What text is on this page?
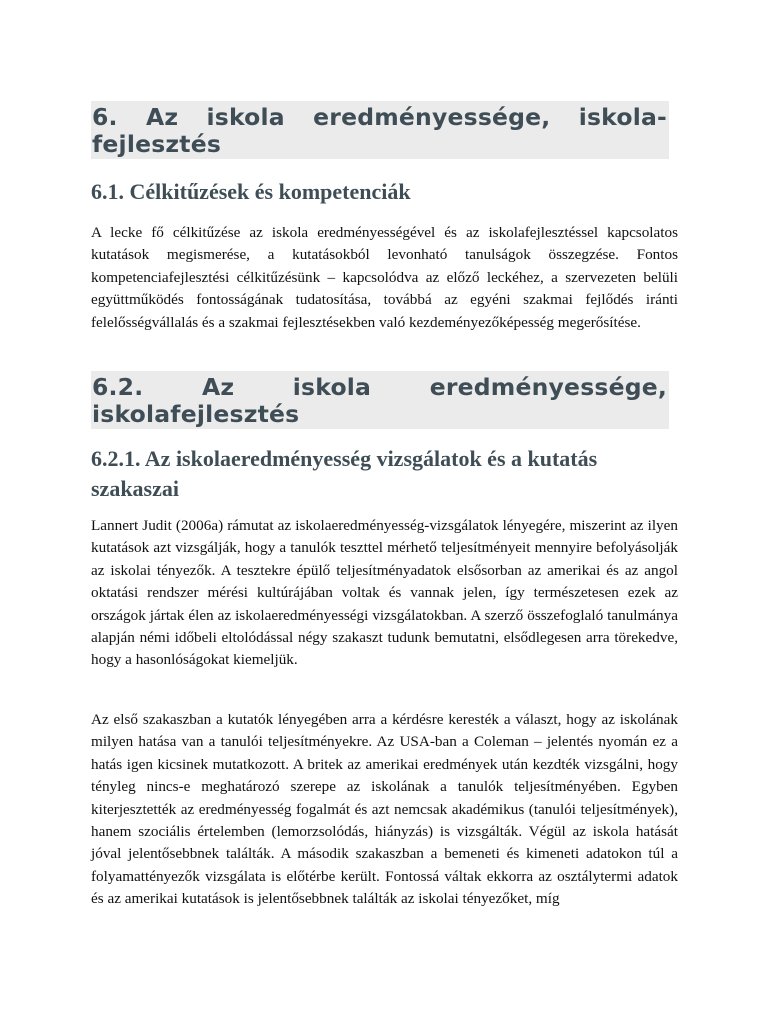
6. Az iskola eredményessége, iskola-fejlesztés
6.1. Célkitűzések és kompetenciák

A lecke fő célkitűzése az iskola eredményességével és az iskolafejlesztéssel kapcsolatos kutatások megismerése, a kutatásokból levonható tanulságok összegzése. Fontos kompetenciafejlesztési célkitűzésünk – kapcsolódva az előző leckéhez, a szervezeten belüli együttműködés fontosságának tudatosítása, továbbá az egyéni szakmai fejlődés iránti felelősségvállalás és a szakmai fejlesztésekben való kezdeményezőképesség megerősítése.

6.2. Az iskola eredményessége, iskolafejlesztés
6.2.1. Az iskolaeredményesség vizsgálatok és a kutatás szakaszai

Lannert Judit (2006a) rámutat az iskolaeredményesség-vizsgálatok lényegére, miszerint az ilyen kutatások azt vizsgálják, hogy a tanulók teszttel mérhető teljesítményeit mennyire befolyásolják az iskolai tényezők. A tesztekre épülő teljesítményadatok elsősorban az amerikai és az angol oktatási rendszer mérési kultúrájában voltak és vannak jelen, így természetesen ezek az országok jártak élen az iskolaeredményességi vizsgálatokban. A szerző összefoglaló tanulmánya alapján némi időbeli eltolódással négy szakaszt tudunk bemutatni, elsődlegesen arra törekedve, hogy a hasonlóságokat kiemeljük.

Az első szakaszban a kutatók lényegében arra a kérdésre keresték a választ, hogy az iskolának milyen hatása van a tanulói teljesítményekre. Az USA-ban a Coleman – jelentés nyomán ez a hatás igen kicsinek mutatkozott. A britek az amerikai eredmények után kezdték vizsgálni, hogy tényleg nincs-e meghatározó szerepe az iskolának a tanulók teljesítményében. Egyben kiterjesztették az eredményesség fogalmát és azt nemcsak akadémikus (tanulói teljesítmények), hanem szociális értelemben (lemorzsolódás, hiányzás) is vizsgálták. Végül az iskola hatását jóval jelentősebbnek találták. A második szakaszban a bemeneti és kimeneti adatokon túl a folyamattényezők vizsgálata is előtérbe került. Fontossá váltak ekkorra az osztálytermi adatok és az amerikai kutatások is jelentősebbnek találták az iskolai tényezőket, míg
